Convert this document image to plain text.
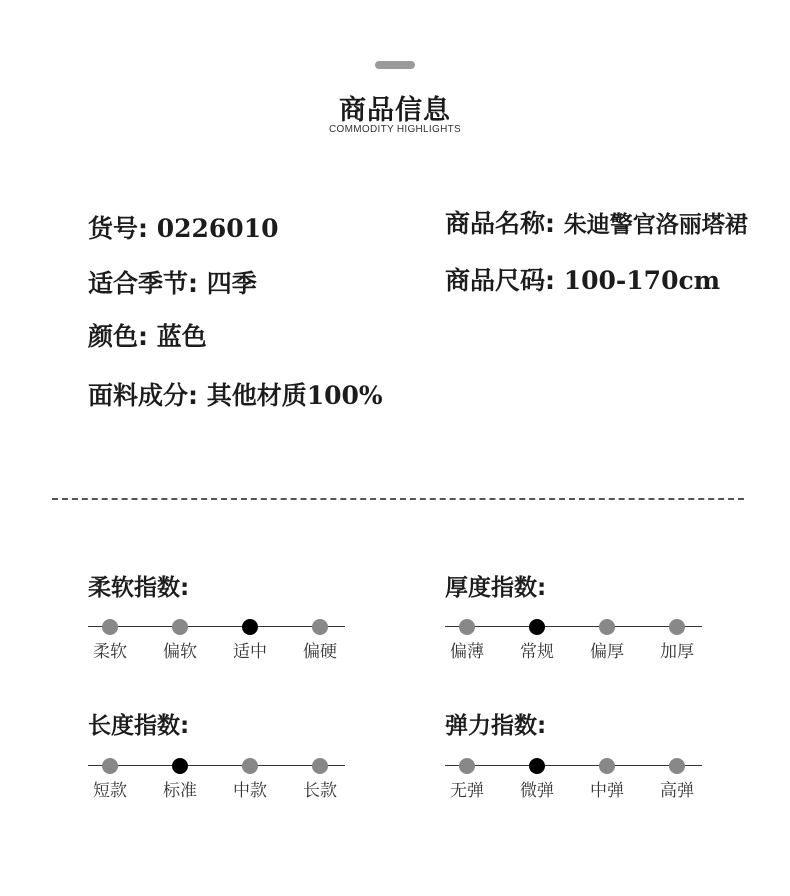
商品信息
COMMODITY HIGHLIGHTS
货号: 0226010
适合季节: 四季
颜色: 蓝色
面料成分: 其他材质100%
商品名称: 朱迪警官洛丽塔裙
商品尺码: 100-170cm
柔软指数:
柔软	偏软	适中	偏硬
厚度指数:
偏薄	常规	偏厚	加厚
长度指数:
短款	标准	中款	长款
弹力指数:
无弹	微弹	中弹	高弹
